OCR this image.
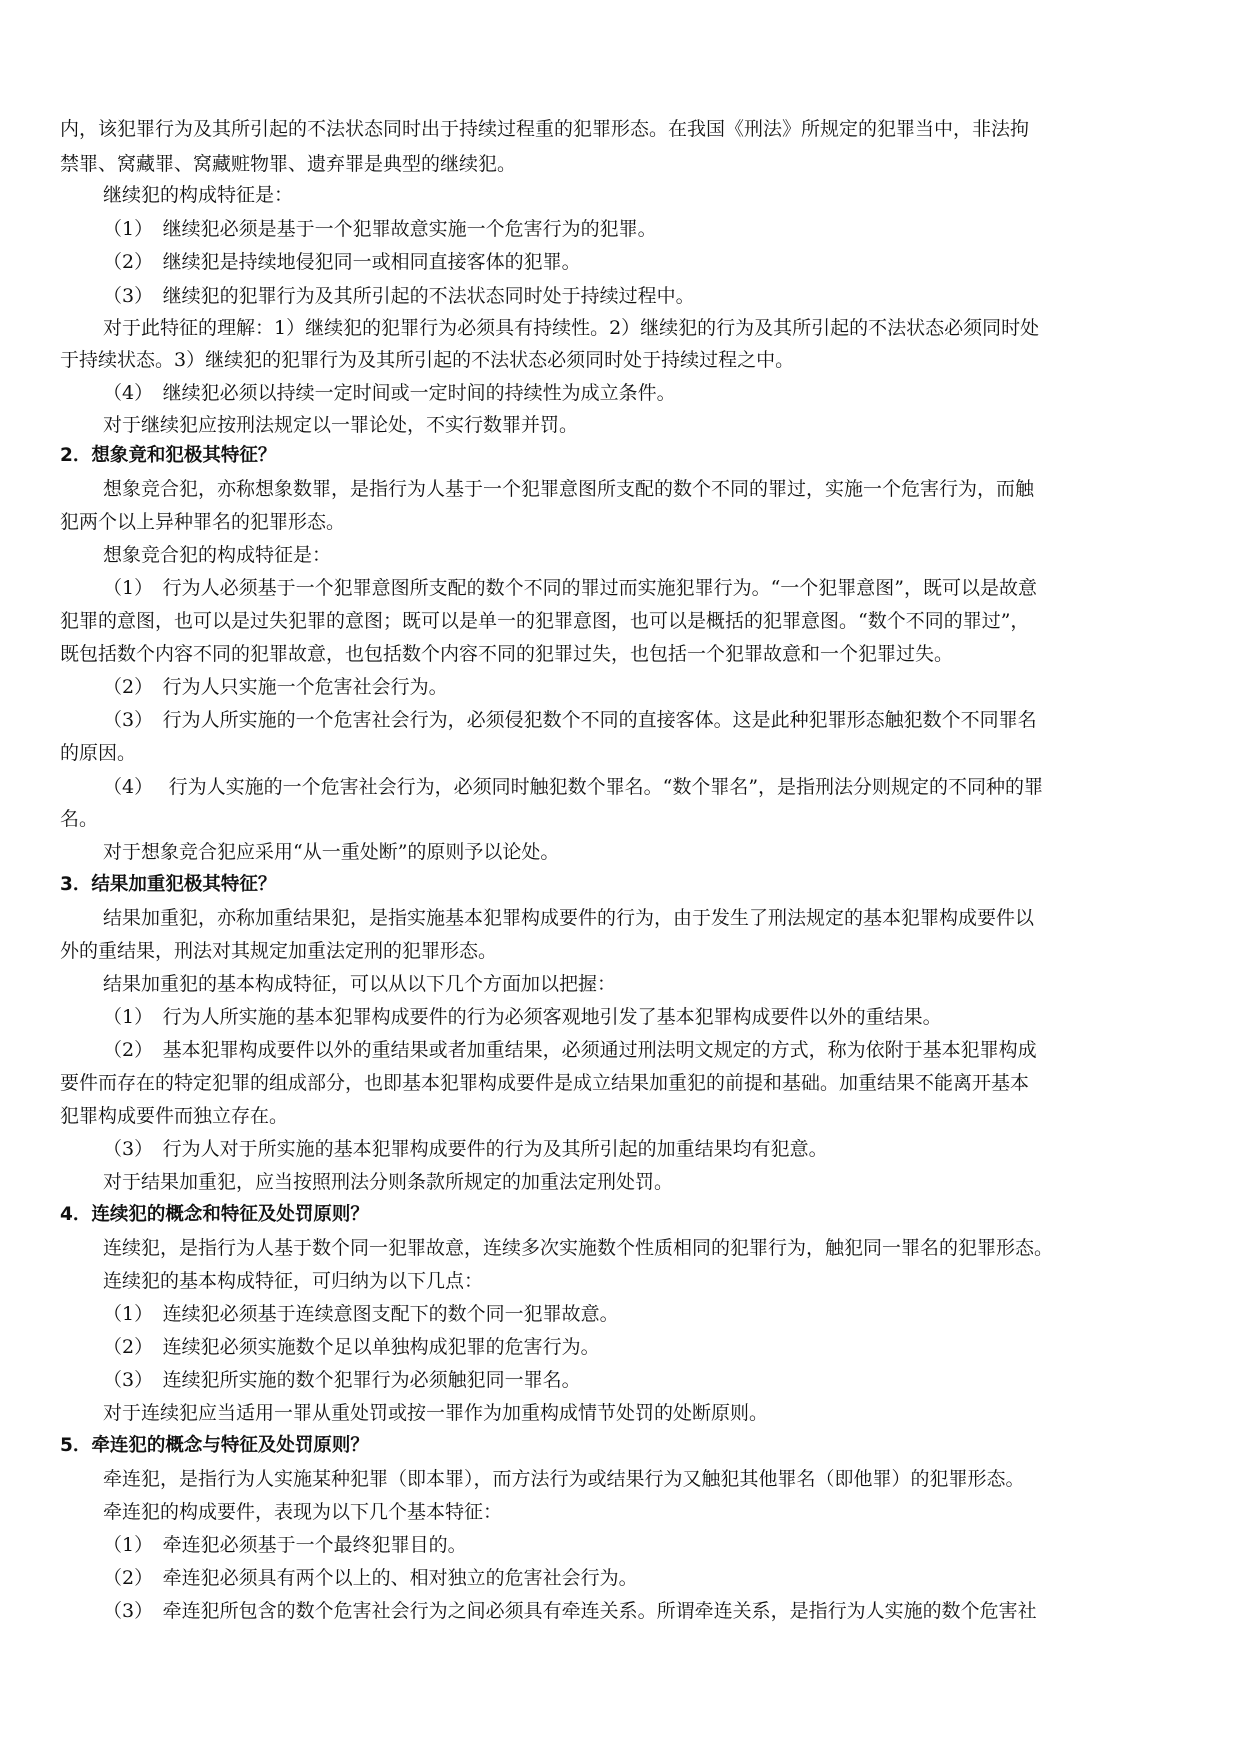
内，该犯罪行为及其所引起的不法状态同时出于持续过程重的犯罪形态。在我国《刑法》所规定的犯罪当中，非法拘
禁罪、窝藏罪、窝藏赃物罪、遗弃罪是典型的继续犯。
继续犯的构成特征是：
（1）　继续犯必须是基于一个犯罪故意实施一个危害行为的犯罪。
（2）　继续犯是持续地侵犯同一或相同直接客体的犯罪。
（3）　继续犯的犯罪行为及其所引起的不法状态同时处于持续过程中。
对于此特征的理解：1）继续犯的犯罪行为必须具有持续性。2）继续犯的行为及其所引起的不法状态必须同时处
于持续状态。3）继续犯的犯罪行为及其所引起的不法状态必须同时处于持续过程之中。
（4）　继续犯必须以持续一定时间或一定时间的持续性为成立条件。
对于继续犯应按刑法规定以一罪论处，不实行数罪并罚。
2．想象竟和犯极其特征？
想象竞合犯，亦称想象数罪，是指行为人基于一个犯罪意图所支配的数个不同的罪过，实施一个危害行为，而触
犯两个以上异种罪名的犯罪形态。
想象竞合犯的构成特征是：
（1）　行为人必须基于一个犯罪意图所支配的数个不同的罪过而实施犯罪行为。“一个犯罪意图”，既可以是故意
犯罪的意图，也可以是过失犯罪的意图；既可以是单一的犯罪意图，也可以是概括的犯罪意图。“数个不同的罪过”，
既包括数个内容不同的犯罪故意，也包括数个内容不同的犯罪过失，也包括一个犯罪故意和一个犯罪过失。
（2）　行为人只实施一个危害社会行为。
（3）　行为人所实施的一个危害社会行为，必须侵犯数个不同的直接客体。这是此种犯罪形态触犯数个不同罪名
的原因。
（4）　 行为人实施的一个危害社会行为，必须同时触犯数个罪名。“数个罪名”，是指刑法分则规定的不同种的罪
名。
对于想象竞合犯应采用“从一重处断”的原则予以论处。
3．结果加重犯极其特征？
结果加重犯，亦称加重结果犯，是指实施基本犯罪构成要件的行为，由于发生了刑法规定的基本犯罪构成要件以
外的重结果，刑法对其规定加重法定刑的犯罪形态。
结果加重犯的基本构成特征，可以从以下几个方面加以把握：
（1）　行为人所实施的基本犯罪构成要件的行为必须客观地引发了基本犯罪构成要件以外的重结果。
（2）　基本犯罪构成要件以外的重结果或者加重结果，必须通过刑法明文规定的方式，称为依附于基本犯罪构成
要件而存在的特定犯罪的组成部分，也即基本犯罪构成要件是成立结果加重犯的前提和基础。加重结果不能离开基本
犯罪构成要件而独立存在。
（3）　行为人对于所实施的基本犯罪构成要件的行为及其所引起的加重结果均有犯意。
对于结果加重犯，应当按照刑法分则条款所规定的加重法定刑处罚。
4．连续犯的概念和特征及处罚原则？
连续犯，是指行为人基于数个同一犯罪故意，连续多次实施数个性质相同的犯罪行为，触犯同一罪名的犯罪形态。
连续犯的基本构成特征，可归纳为以下几点：
（1）　连续犯必须基于连续意图支配下的数个同一犯罪故意。
（2）　连续犯必须实施数个足以单独构成犯罪的危害行为。
（3）　连续犯所实施的数个犯罪行为必须触犯同一罪名。
对于连续犯应当适用一罪从重处罚或按一罪作为加重构成情节处罚的处断原则。
5．牵连犯的概念与特征及处罚原则？
牵连犯，是指行为人实施某种犯罪（即本罪），而方法行为或结果行为又触犯其他罪名（即他罪）的犯罪形态。
牵连犯的构成要件，表现为以下几个基本特征：
（1）　牵连犯必须基于一个最终犯罪目的。
（2）　牵连犯必须具有两个以上的、相对独立的危害社会行为。
（3）　牵连犯所包含的数个危害社会行为之间必须具有牵连关系。所谓牵连关系，是指行为人实施的数个危害社
